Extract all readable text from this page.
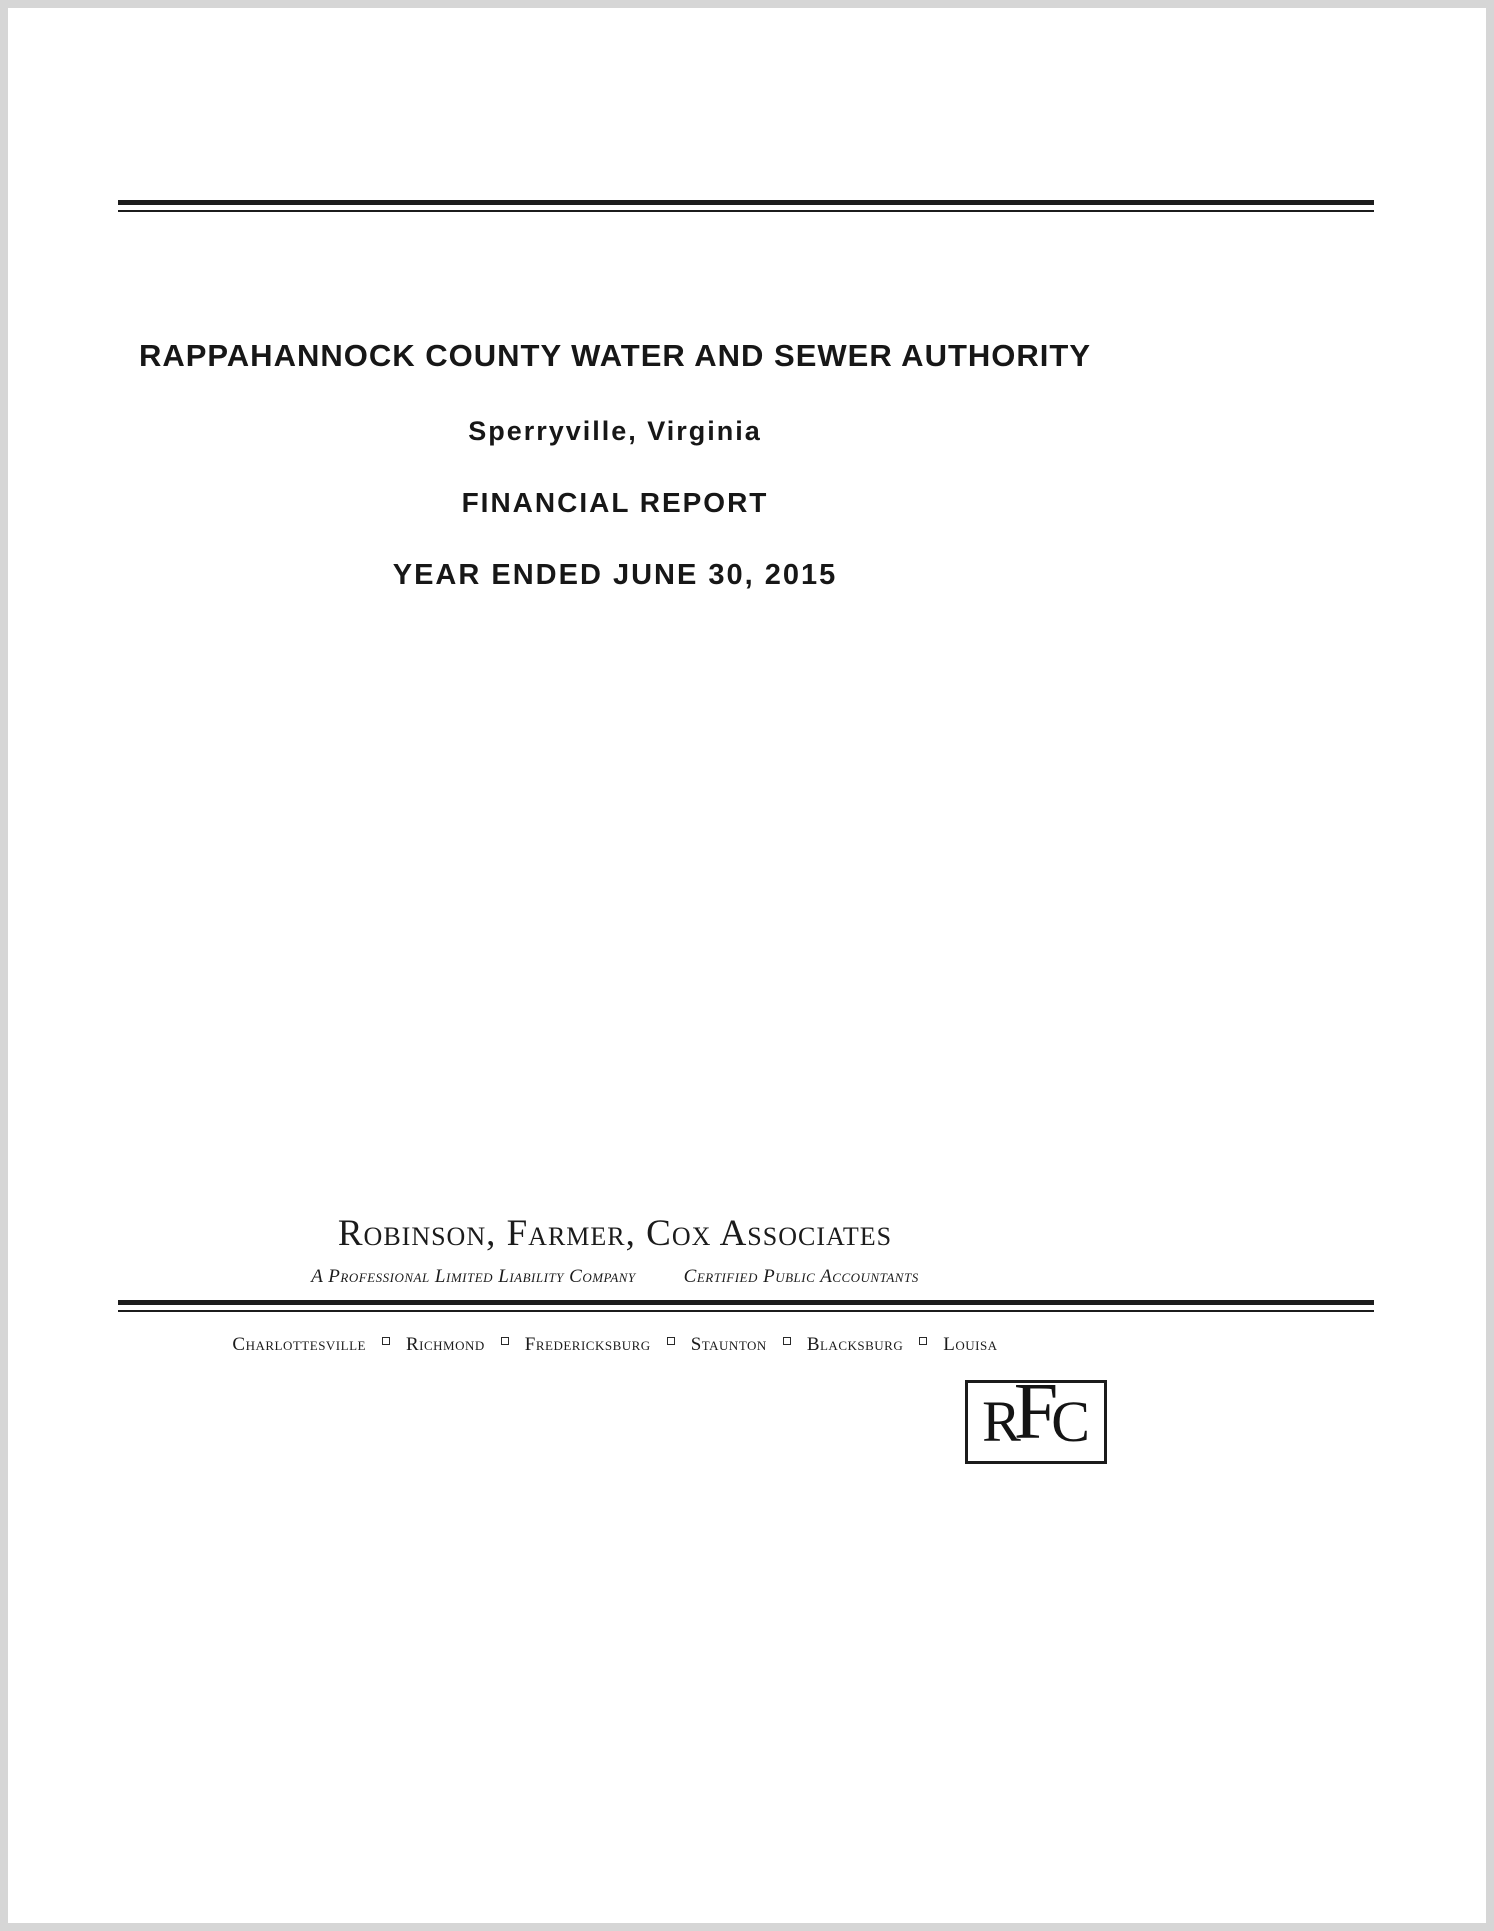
RAPPAHANNOCK COUNTY WATER AND SEWER AUTHORITY
Sperryville, Virginia
FINANCIAL REPORT
YEAR ENDED JUNE 30, 2015
Robinson, Farmer, Cox Associates
A Professional Limited Liability Company	Certified Public Accountants
Charlottesville Richmond Fredericksburg Staunton Blacksburg Louisa
R
F
C
